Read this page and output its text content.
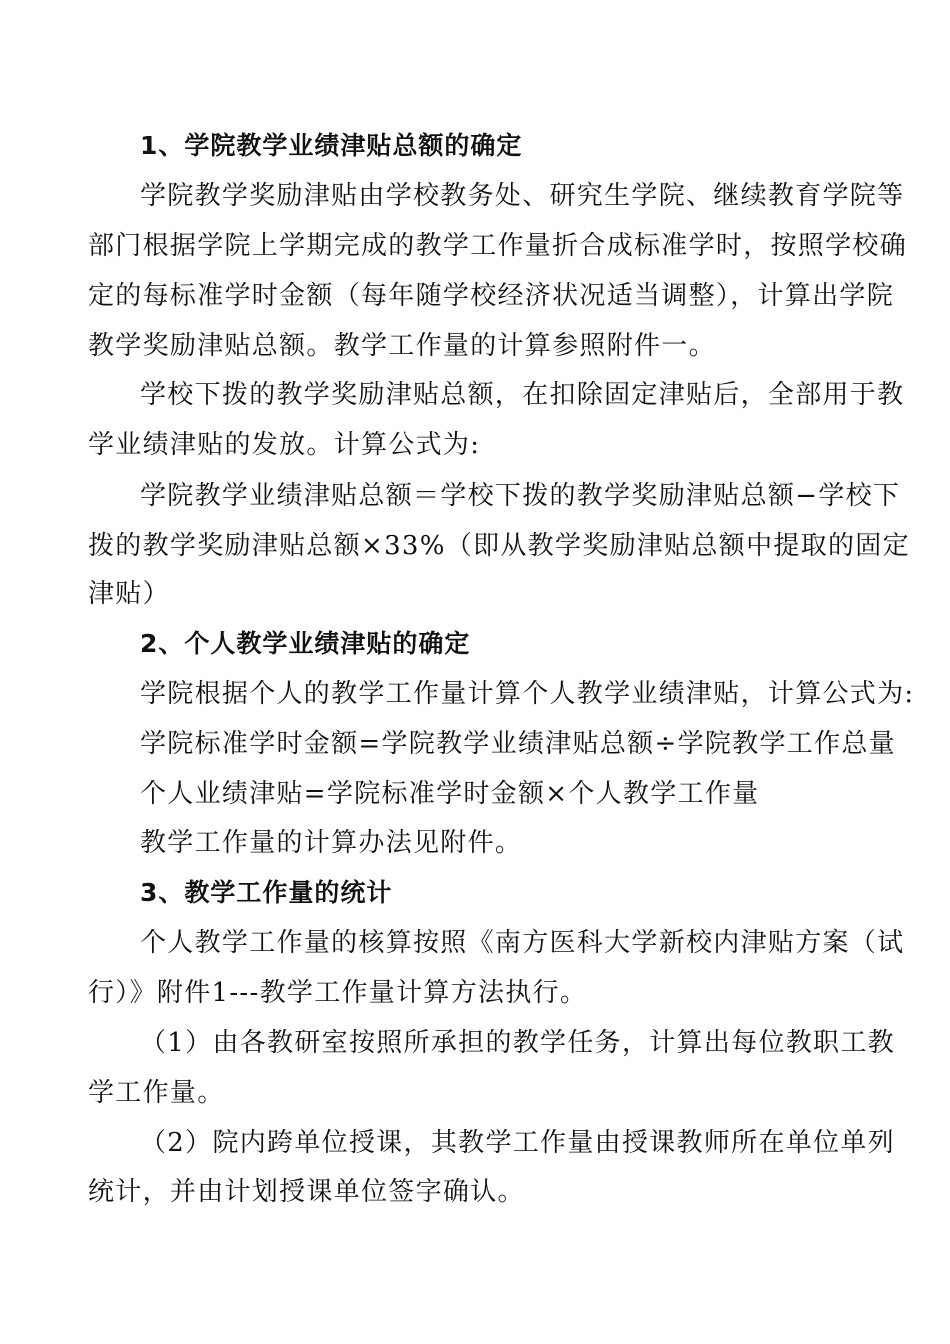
1、学院教学业绩津贴总额的确定
学院教学奖励津贴由学校教务处、研究生学院、继续教育学院等
部门根据学院上学期完成的教学工作量折合成标准学时，按照学校确
定的每标准学时金额（每年随学校经济状况适当调整），计算出学院
教学奖励津贴总额。教学工作量的计算参照附件一。
学校下拨的教学奖励津贴总额，在扣除固定津贴后，全部用于教
学业绩津贴的发放。计算公式为:
学院教学业绩津贴总额＝学校下拨的教学奖励津贴总额−学校下
拨的教学奖励津贴总额×33%（即从教学奖励津贴总额中提取的固定
津贴）
2、个人教学业绩津贴的确定
学院根据个人的教学工作量计算个人教学业绩津贴，计算公式为:
学院标准学时金额=学院教学业绩津贴总额÷学院教学工作总量
个人业绩津贴=学院标准学时金额×个人教学工作量
教学工作量的计算办法见附件。
3、教学工作量的统计
个人教学工作量的核算按照《南方医科大学新校内津贴方案（试
行）》附件1---教学工作量计算方法执行。
（1）由各教研室按照所承担的教学任务，计算出每位教职工教
学工作量。
（2）院内跨单位授课，其教学工作量由授课教师所在单位单列
统计，并由计划授课单位签字确认。
